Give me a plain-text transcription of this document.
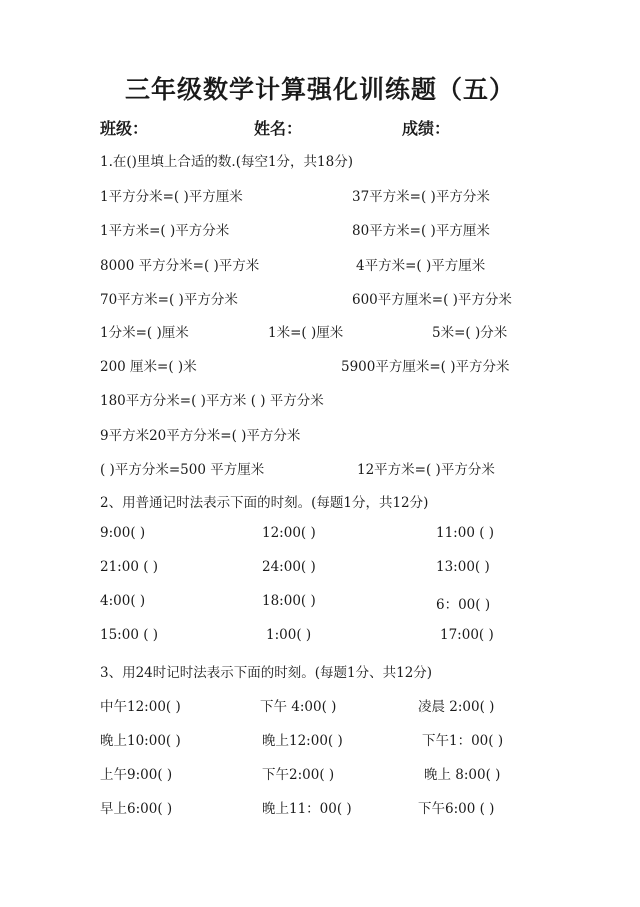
三年级数学计算强化训练题（五）
班级：	姓名：	成绩：
1.在()里填上合适的数.(每空1分，共18分)
1平方分米=( )平方厘米	37平方米=( )平方分米
1平方米=( )平方分米	80平方米=( )平方厘米
8000 平方分米=( )平方米	4平方米=( )平方厘米
70平方米=( )平方分米	600平方厘米=( )平方分米
1分米=( )厘米	1米=( )厘米	5米=( )分米
200 厘米=( )米	5900平方厘米=( )平方分米
180平方分米=( )平方米 ( ) 平方分米
9平方米20平方分米=( )平方分米
( )平方分米=500 平方厘米	12平方米=( )平方分米
2、用普通记时法表示下面的时刻。(每题1分，共12分)
9:00( )	12:00( )	11:00 ( )
21:00 ( )	24:00( )	13:00( )
4:00( )	18:00( )	6：00( )
15:00 ( )	1:00( )	17:00( )
3、用24时记时法表示下面的时刻。(每题1分、共12分)
中午12:00( )	下午 4:00( )	凌晨 2:00( )
晚上10:00( )	晚上12:00( )	下午1：00( )
上午9:00( )	下午2:00( )	晚上 8:00( )
早上6:00( )	晚上11：00( )	下午6:00 ( )
